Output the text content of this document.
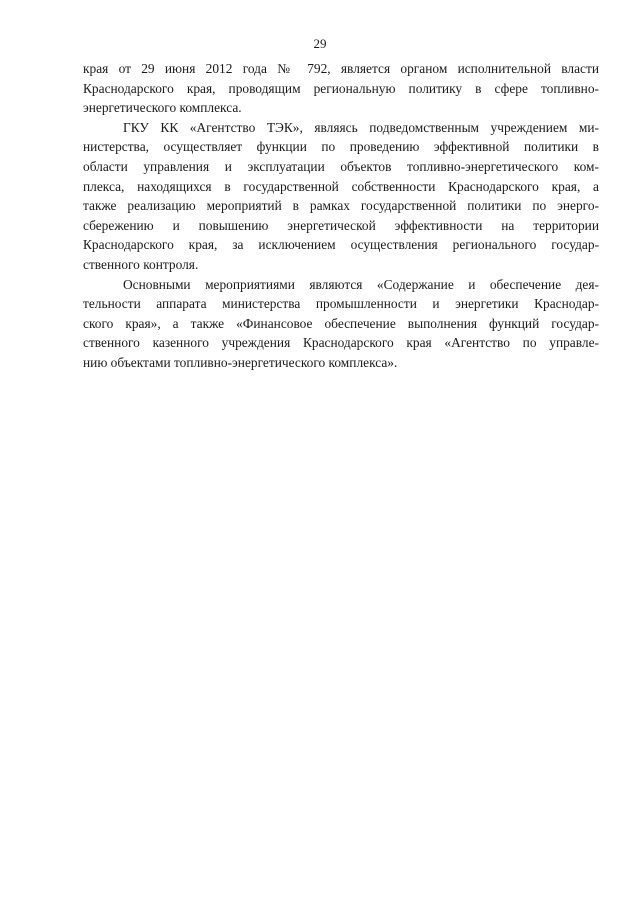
29
края от 29 июня 2012 года № 792, является органом исполнительной власти
Краснодарского края, проводящим региональную политику в сфере топливно-
энергетического комплекса.
ГКУ КК «Агентство ТЭК», являясь подведомственным учреждением ми-
нистерства, осуществляет функции по проведению эффективной политики в
области управления и эксплуатации объектов топливно-энергетического ком-
плекса, находящихся в государственной собственности Краснодарского края, а
также реализацию мероприятий в рамках государственной политики по энерго-
сбережению и повышению энергетической эффективности на территории
Краснодарского края, за исключением осуществления регионального государ-
ственного контроля.
Основными мероприятиями являются «Содержание и обеспечение дея-
тельности аппарата министерства промышленности и энергетики Краснодар-
ского края», а также «Финансовое обеспечение выполнения функций государ-
ственного казенного учреждения Краснодарского края «Агентство по управле-
нию объектами топливно-энергетического комплекса».
